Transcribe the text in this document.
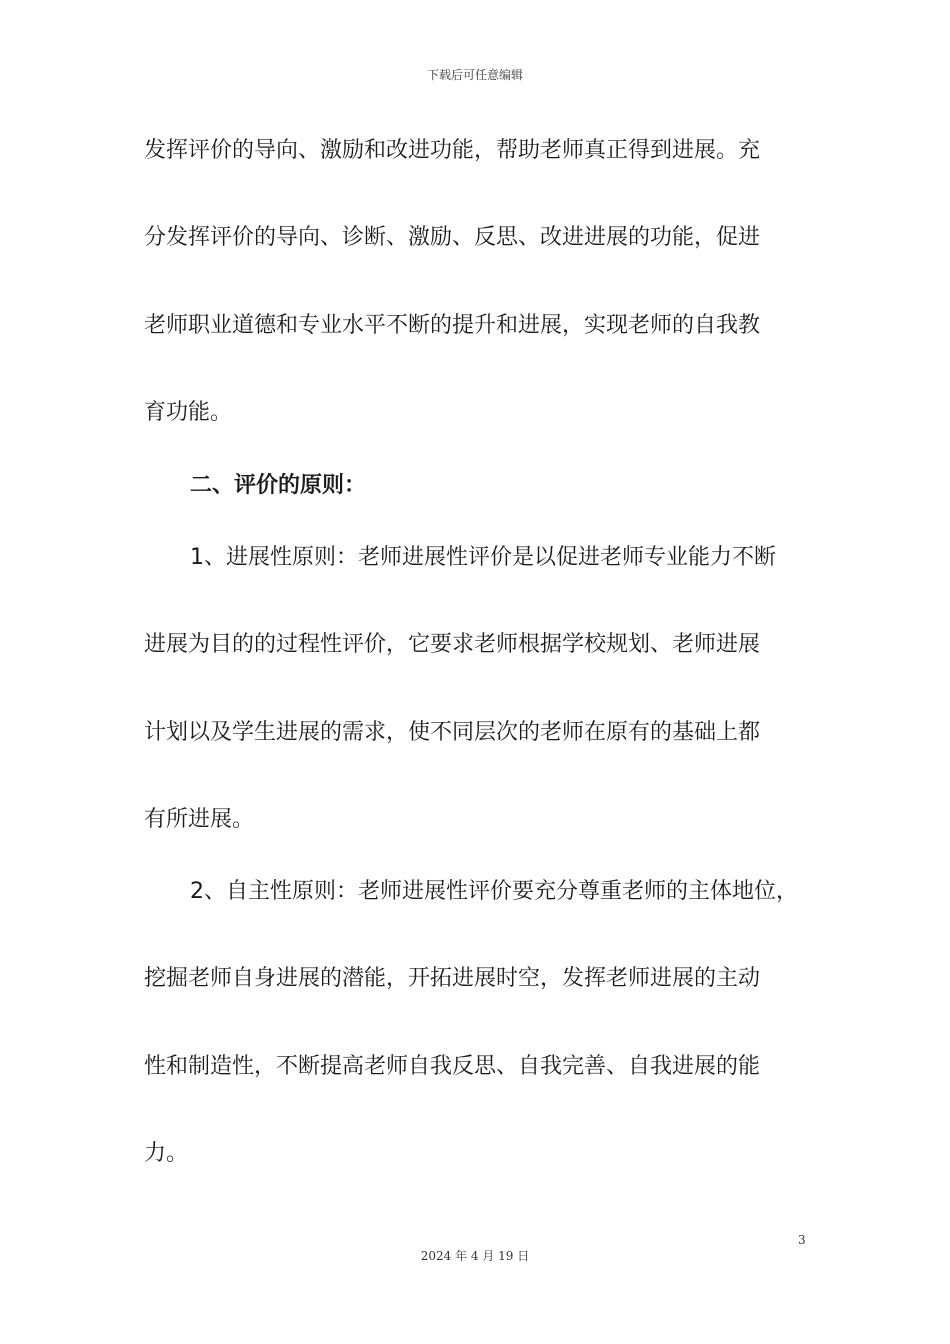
下载后可任意编辑
发挥评价的导向、激励和改进功能，帮助老师真正得到进展。充
分发挥评价的导向、诊断、激励、反思、改进进展的功能，促进
老师职业道德和专业水平不断的提升和进展，实现老师的自我教
育功能。
二、评价的原则：
1、进展性原则：老师进展性评价是以促进老师专业能力不断
进展为目的的过程性评价，它要求老师根据学校规划、老师进展
计划以及学生进展的需求，使不同层次的老师在原有的基础上都
有所进展。
2、自主性原则：老师进展性评价要充分尊重老师的主体地位，
挖掘老师自身进展的潜能，开拓进展时空，发挥老师进展的主动
性和制造性，不断提高老师自我反思、自我完善、自我进展的能
力。
3
2024 年 4 月 19 日
